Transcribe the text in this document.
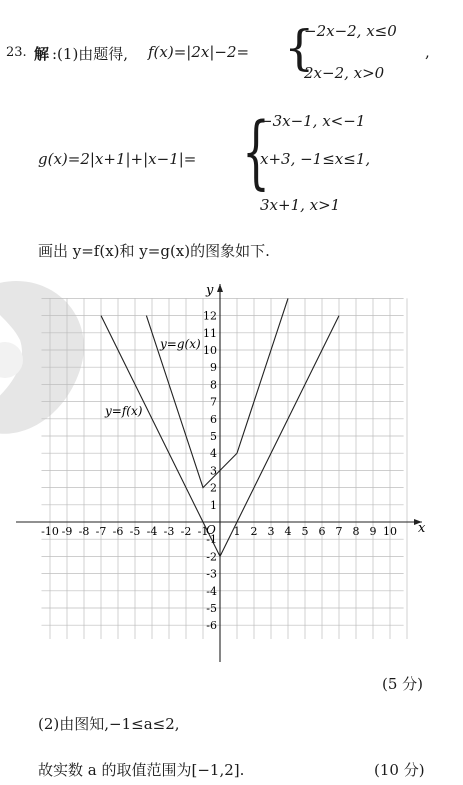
23. 解 :(1)由题得, f(x)=|2x|−2= {
−2x−2, x≤0
2x−2, x>0
,
g(x)=2|x+1|+|x−1|= {
−3x−1, x<−1
x+3, −1≤x≤1,
3x+1, x>1
画出 y=f(x)和 y=g(x)的图象如下.
-10 -9 -8 -7 -6 -5 -4 -3 -2 -1 1 2 3 4 5 6 7 8 9 10
-6
-5
-4
-3
-2
-1
1
2
3
4
5
6
7
8
9
10
11
12
x
y
O
y=f(x)
y=g(x)
(5 分)
(2)由图知,−1≤a≤2,
故实数 a 的取值范围为[−1,2].	(10 分)
